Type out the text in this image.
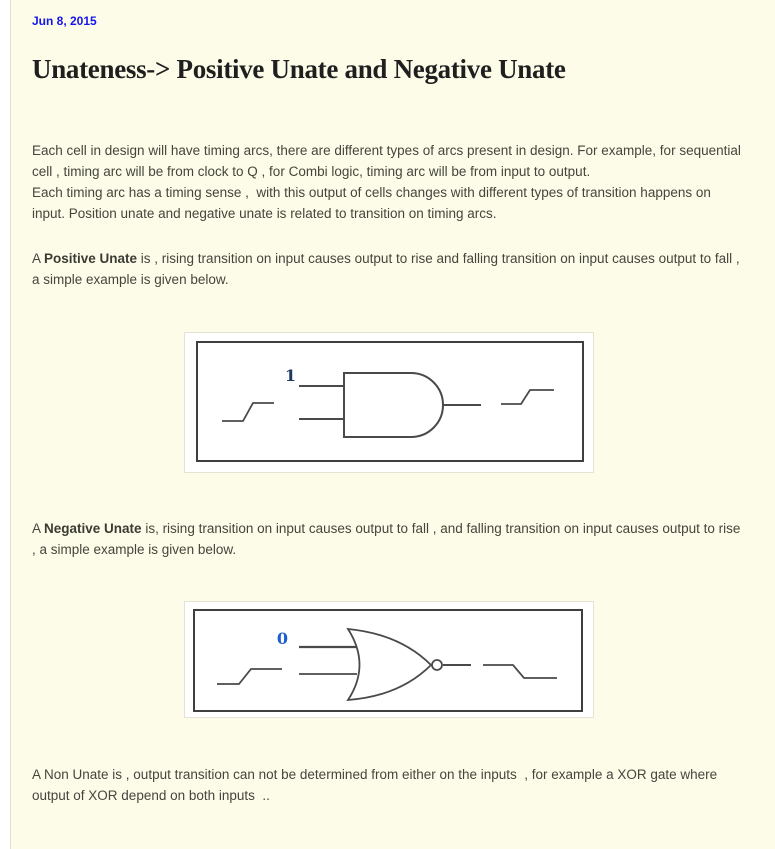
Jun 8, 2015
Unateness-> Positive Unate and Negative Unate

Each cell in design will have timing arcs, there are different types of arcs present in design. For example, for sequential cell , timing arc will be from clock to Q , for Combi logic, timing arc will be from input to output.
Each timing arc has a timing sense ,  with this output of cells changes with different types of transition happens on input. Position unate and negative unate is related to transition on timing arcs.

A Positive Unate is , rising transition on input causes output to rise and falling transition on input causes output to fall , a simple example is given below.

1

A Negative Unate is, rising transition on input causes output to fall , and falling transition on input causes output to rise , a simple example is given below.

0

A Non Unate is , output transition can not be determined from either on the inputs  , for example a XOR gate where output of XOR depend on both inputs  ..
